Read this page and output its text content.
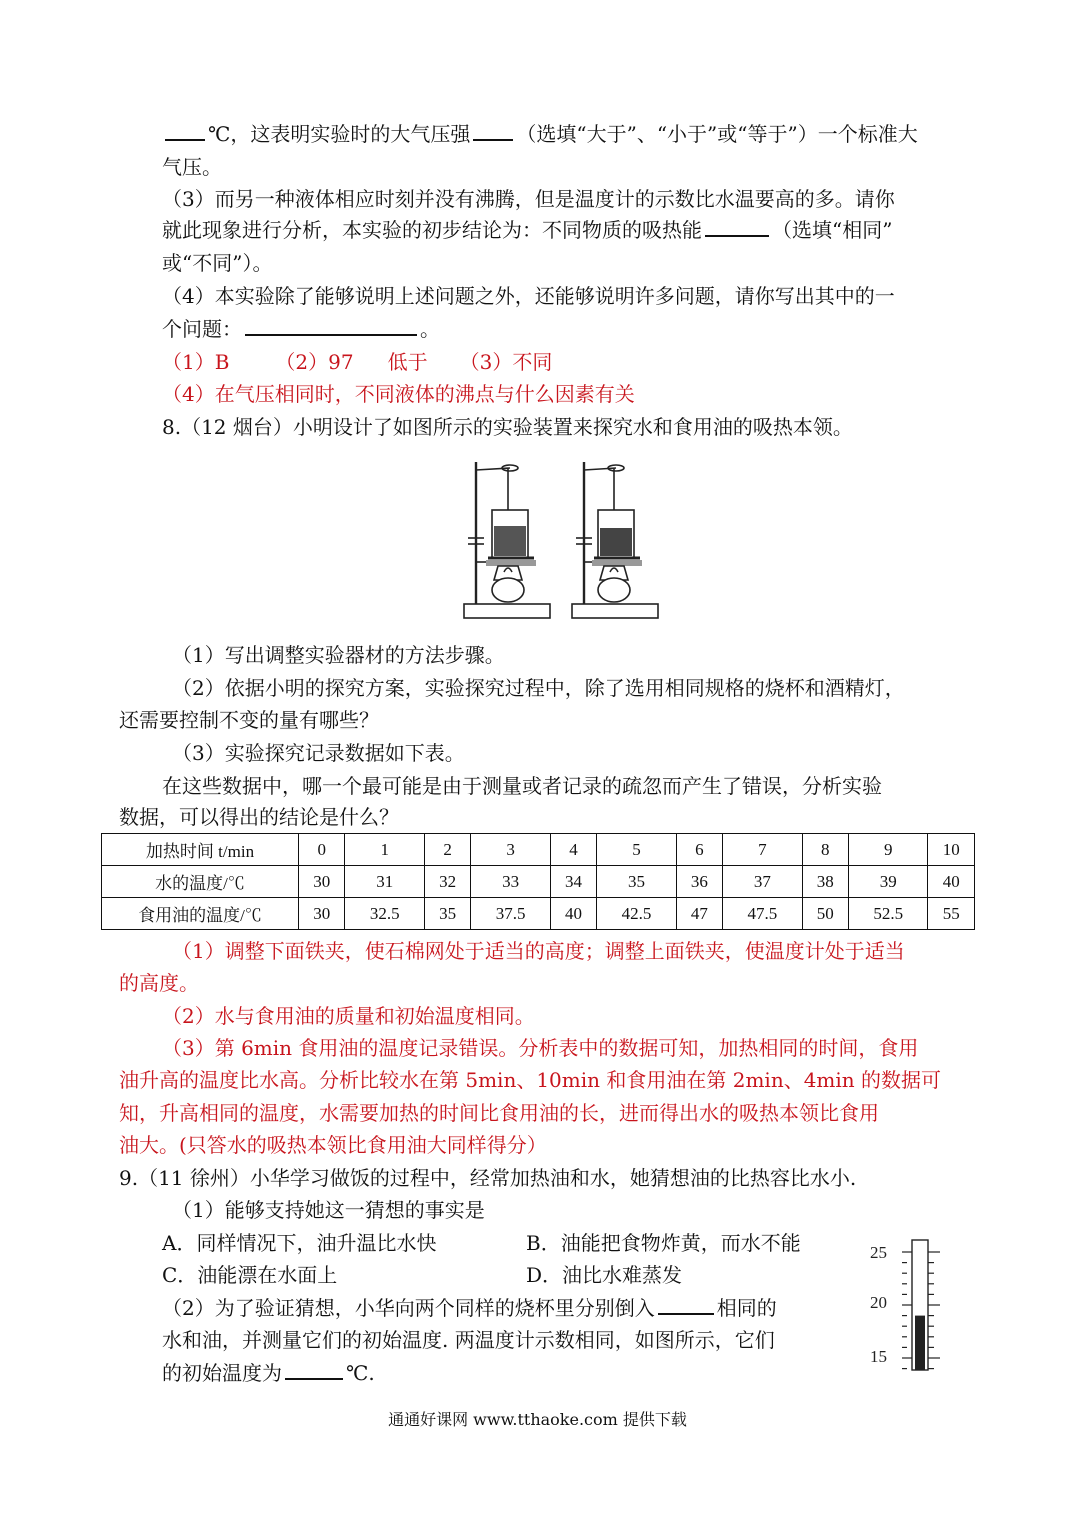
℃，这表明实验时的大气压强 （选填“大于”、“小于”或“等于”）一个标准大
气压。
（3）而另一种液体相应时刻并没有沸腾，但是温度计的示数比水温要高的多。请你
就此现象进行分析，本实验的初步结论为：不同物质的吸热能	（选填“相同”
或“不同”）。
（4）本实验除了能够说明上述问题之外，还能够说明许多问题，请你写出其中的一
个问题：	。
（1）B （2）97 低于 （3）不同
（4）在气压相同时，不同液体的沸点与什么因素有关
8.（12 烟台）小明设计了如图所示的实验装置来探究水和食用油的吸热本领。
（1）写出调整实验器材的方法步骤。
（2）依据小明的探究方案，实验探究过程中，除了选用相同规格的烧杯和酒精灯，
还需要控制不变的量有哪些？
（3）实验探究记录数据如下表。
在这些数据中，哪一个最可能是由于测量或者记录的疏忽而产生了错误，分析实验
数据，可以得出的结论是什么？
加热时间 t/min	0	1	2	3	4	5	6	7	8	9	10
水的温度/℃	30	31	32	33	34	35	36	37	38	39	40
食用油的温度/℃	30	32.5	35	37.5	40	42.5	47	47.5	50	52.5	55
（1）调整下面铁夹，使石棉网处于适当的高度；调整上面铁夹，使温度计处于适当
的高度。
（2）水与食用油的质量和初始温度相同。
（3）第 6min 食用油的温度记录错误。分析表中的数据可知，加热相同的时间，食用
油升高的温度比水高。分析比较水在第 5min、10min 和食用油在第 2min、4min 的数据可
知，升高相同的温度，水需要加热的时间比食用油的长，进而得出水的吸热本领比食用
油大。(只答水的吸热本领比食用油大同样得分）
9.（11 徐州）小华学习做饭的过程中，经常加热油和水，她猜想油的比热容比水小.
（1）能够支持她这一猜想的事实是
A．同样情况下，油升温比水快	B．油能把食物炸黄，而水不能
C．油能漂在水面上	D．油比水难蒸发
（2）为了验证猜想，小华向两个同样的烧杯里分别倒入	相同的
水和油，并测量它们的初始温度. 两温度计示数相同，如图所示，它们
的初始温度为	℃.
25
20
15
通通好课网 www.tthaoke.com 提供下载
